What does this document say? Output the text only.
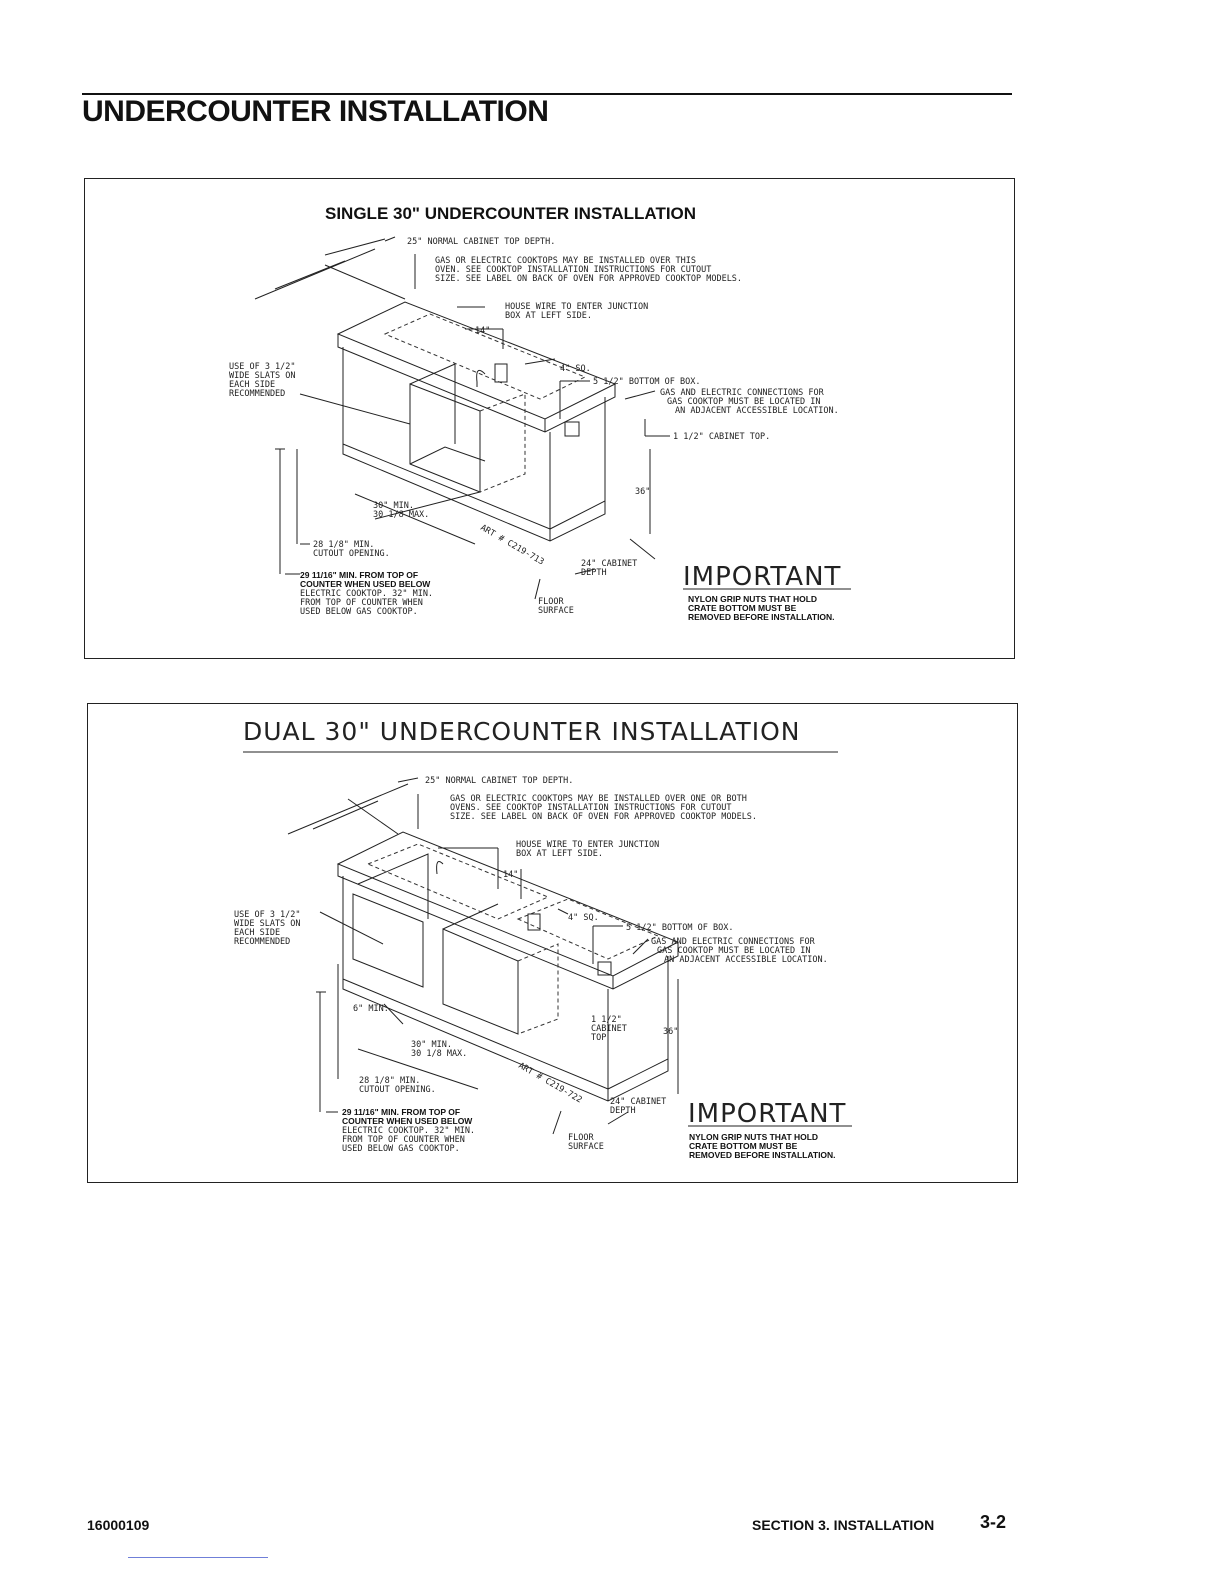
UNDERCOUNTER INSTALLATION
SINGLE 30" UNDERCOUNTER INSTALLATION
25" NORMAL CABINET TOP DEPTH.
GAS OR ELECTRIC COOKTOPS MAY BE INSTALLED OVER THIS
OVEN. SEE COOKTOP INSTALLATION INSTRUCTIONS FOR CUTOUT
SIZE. SEE LABEL ON BACK OF OVEN FOR APPROVED COOKTOP MODELS.
HOUSE WIRE TO ENTER JUNCTION
BOX AT LEFT SIDE.
14"
4" SQ.
5 1/2" BOTTOM OF BOX.
GAS AND ELECTRIC CONNECTIONS FOR
GAS COOKTOP MUST BE LOCATED IN
AN ADJACENT ACCESSIBLE LOCATION.
1 1/2" CABINET TOP.
USE OF 3 1/2"
WIDE SLATS ON
EACH SIDE
RECOMMENDED
36"
30" MIN.
30 1/8 MAX.
28 1/8" MIN.
CUTOUT OPENING.	ART # C219-713	24" CABINET
DEPTH
FLOOR
SURFACE
29 11/16" MIN. FROM TOP OF
COUNTER WHEN USED BELOW
ELECTRIC COOKTOP. 32" MIN.
FROM TOP OF COUNTER WHEN
USED BELOW GAS COOKTOP.
IMPORTANT
NYLON GRIP NUTS THAT HOLD
CRATE BOTTOM MUST BE
REMOVED BEFORE INSTALLATION.
DUAL 30" UNDERCOUNTER INSTALLATION
25" NORMAL CABINET TOP DEPTH.
GAS OR ELECTRIC COOKTOPS MAY BE INSTALLED OVER ONE OR BOTH
OVENS. SEE COOKTOP INSTALLATION INSTRUCTIONS FOR CUTOUT
SIZE. SEE LABEL ON BACK OF OVEN FOR APPROVED COOKTOP MODELS.
HOUSE WIRE TO ENTER JUNCTION
BOX AT LEFT SIDE.
14"
4" SQ.
5 1/2" BOTTOM OF BOX.
GAS AND ELECTRIC CONNECTIONS FOR
GAS COOKTOP MUST BE LOCATED IN
AN ADJACENT ACCESSIBLE LOCATION.
USE OF 3 1/2"
WIDE SLATS ON
EACH SIDE
RECOMMENDED
6" MIN.
1 1/2"
CABINET
TOP
36"
30" MIN.
30 1/8 MAX.
28 1/8" MIN.
CUTOUT OPENING.	ART # C219-722	24" CABINET
DEPTH
FLOOR
SURFACE
29 11/16" MIN. FROM TOP OF
COUNTER WHEN USED BELOW
ELECTRIC COOKTOP. 32" MIN.
FROM TOP OF COUNTER WHEN
USED BELOW GAS COOKTOP.
IMPORTANT
NYLON GRIP NUTS THAT HOLD
CRATE BOTTOM MUST BE
REMOVED BEFORE INSTALLATION.
16000109	SECTION 3. INSTALLATION	3-2
